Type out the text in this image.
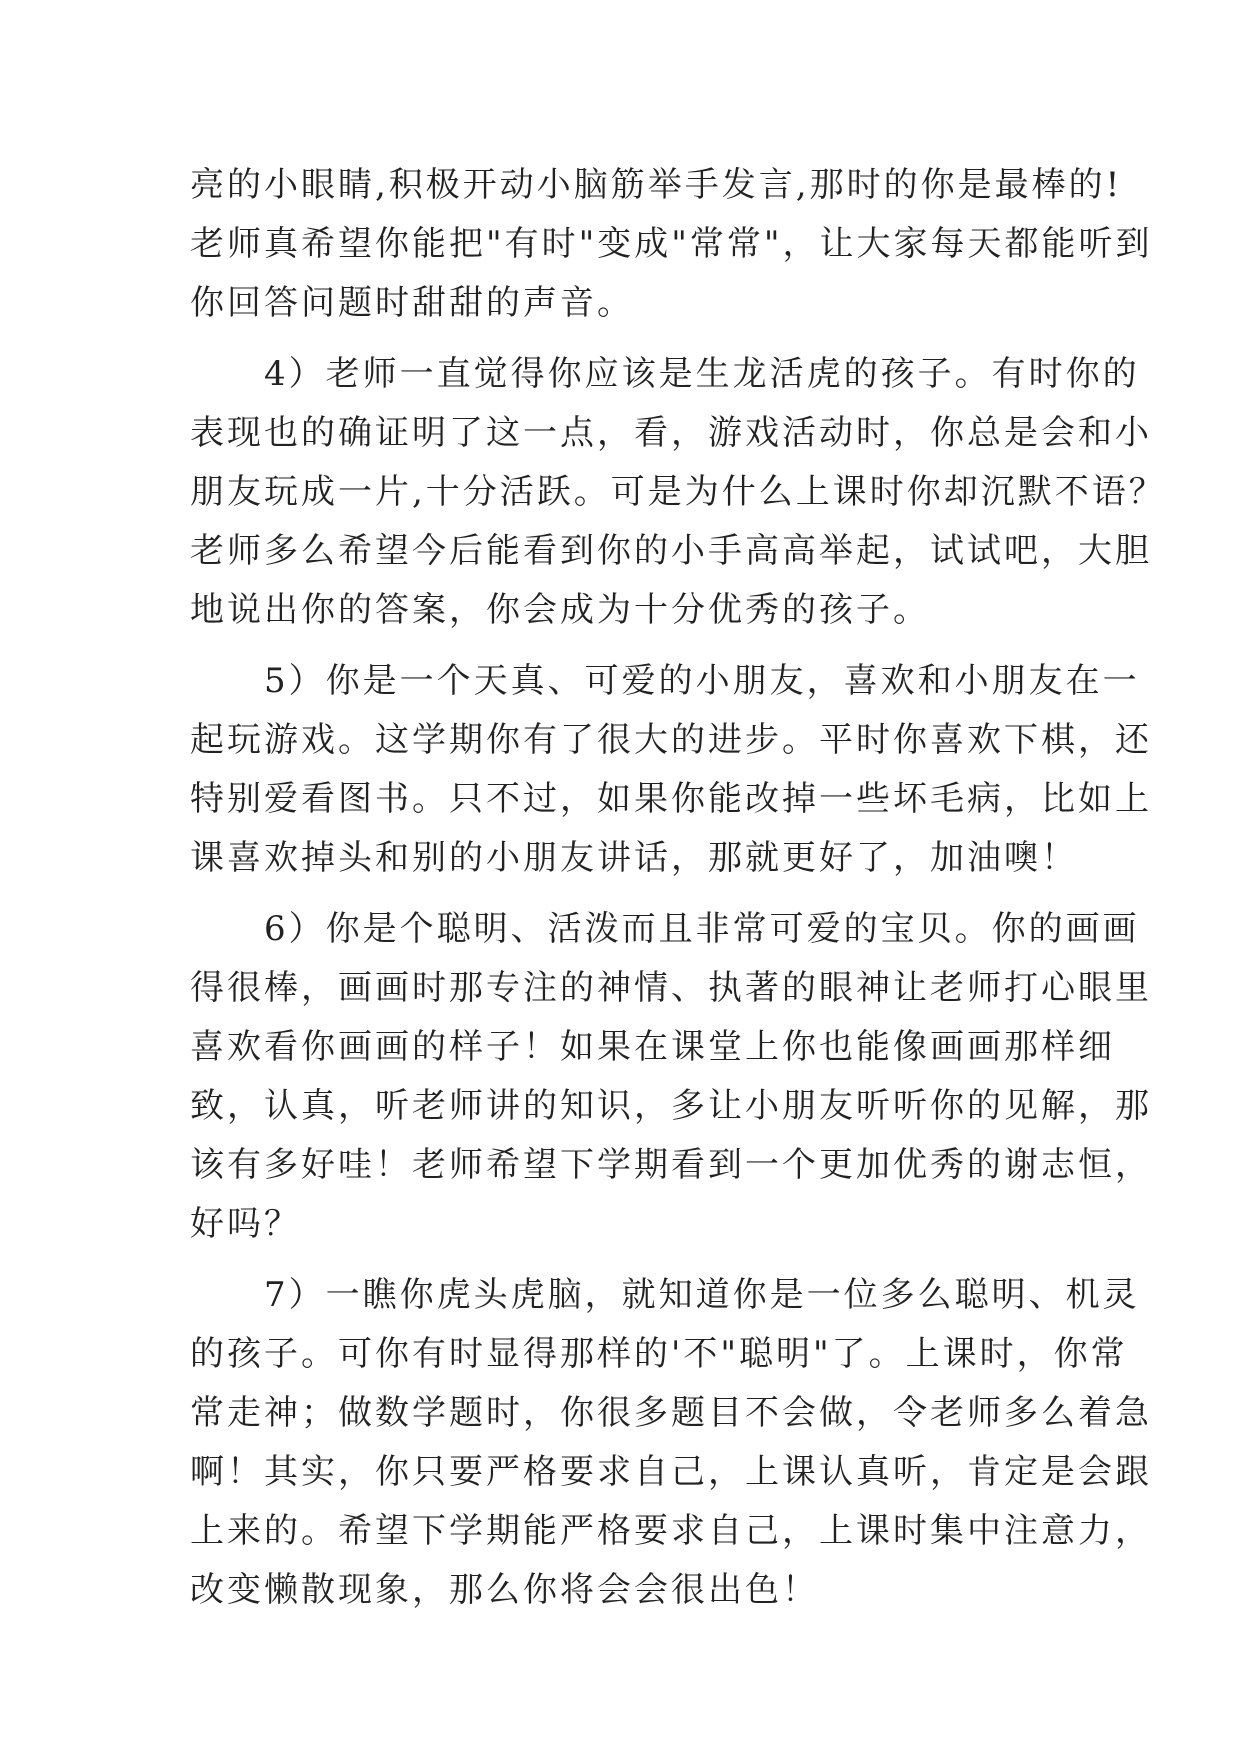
亮的小眼睛,积极开动小脑筋举手发言,那时的你是最棒的!
老师真希望你能把"有时"变成"常常"，让大家每天都能听到
你回答问题时甜甜的声音。
　　4）老师一直觉得你应该是生龙活虎的孩子。有时你的
表现也的确证明了这一点，看，游戏活动时，你总是会和小
朋友玩成一片,十分活跃。可是为什么上课时你却沉默不语？
老师多么希望今后能看到你的小手高高举起，试试吧，大胆
地说出你的答案，你会成为十分优秀的孩子。
　　5）你是一个天真、可爱的小朋友，喜欢和小朋友在一
起玩游戏。这学期你有了很大的进步。平时你喜欢下棋，还
特别爱看图书。只不过，如果你能改掉一些坏毛病，比如上
课喜欢掉头和别的小朋友讲话，那就更好了，加油噢！
　　6）你是个聪明、活泼而且非常可爱的宝贝。你的画画
得很棒，画画时那专注的神情、执著的眼神让老师打心眼里
喜欢看你画画的样子！如果在课堂上你也能像画画那样细
致，认真，听老师讲的知识，多让小朋友听听你的见解，那
该有多好哇！老师希望下学期看到一个更加优秀的谢志恒，
好吗？
　　7）一瞧你虎头虎脑，就知道你是一位多么聪明、机灵
的孩子。可你有时显得那样的'不"聪明"了。上课时，你常
常走神；做数学题时，你很多题目不会做，令老师多么着急
啊！其实，你只要严格要求自己，上课认真听，肯定是会跟
上来的。希望下学期能严格要求自己，上课时集中注意力，
改变懒散现象，那么你将会会很出色！
